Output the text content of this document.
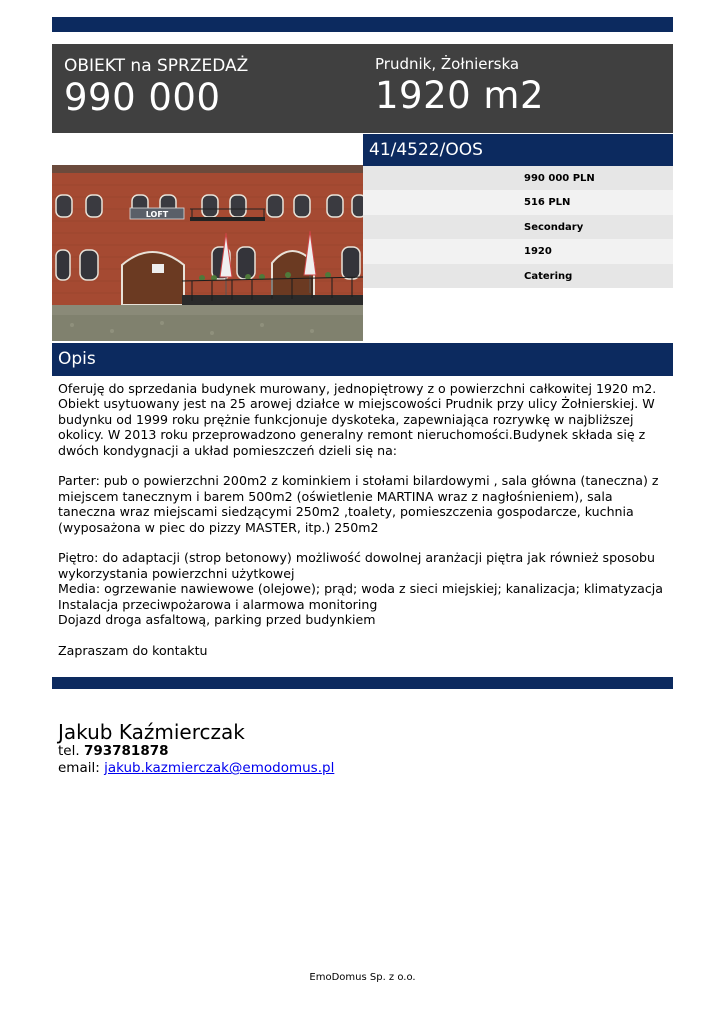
OBIEKT na SPRZEDAŻ
990 000
Prudnik, Żołnierska
1920 m2
LOFT
41/4522/OOS
990 000 PLN
516 PLN
Secondary
1920
Catering
Opis
Oferuję do sprzedania budynek murowany, jednopiętrowy z o powierzchni całkowitej 1920 m2. Obiekt usytuowany jest na 25 arowej działce w miejscowości Prudnik przy ulicy Żołnierskiej. W budynku od 1999 roku prężnie funkcjonuje dyskoteka, zapewniająca rozrywkę w najbliższej okolicy. W 2013 roku przeprowadzono generalny remont nieruchomości.Budynek składa się z dwóch kondygnacji a układ pomieszczeń dzieli się na:

Parter: pub o powierzchni 200m2 z kominkiem i stołami bilardowymi , sala główna (taneczna) z miejscem tanecznym i barem 500m2 (oświetlenie MARTINA wraz z nagłośnieniem), sala taneczna wraz miejscami siedzącymi 250m2 ,toalety, pomieszczenia gospodarcze, kuchnia (wyposażona w piec do pizzy MASTER, itp.) 250m2

Piętro: do adaptacji (strop betonowy) możliwość dowolnej aranżacji piętra jak również sposobu wykorzystania powierzchni użytkowej
Media: ogrzewanie nawiewowe (olejowe); prąd; woda z sieci miejskiej; kanalizacja; klimatyzacja
Instalacja przeciwpożarowa i alarmowa monitoring
Dojazd droga asfaltową, parking przed budynkiem

Zapraszam do kontaktu
Jakub Kaźmierczak
tel. 793781878
email: jakub.kazmierczak@emodomus.pl
EmoDomus Sp. z o.o.
